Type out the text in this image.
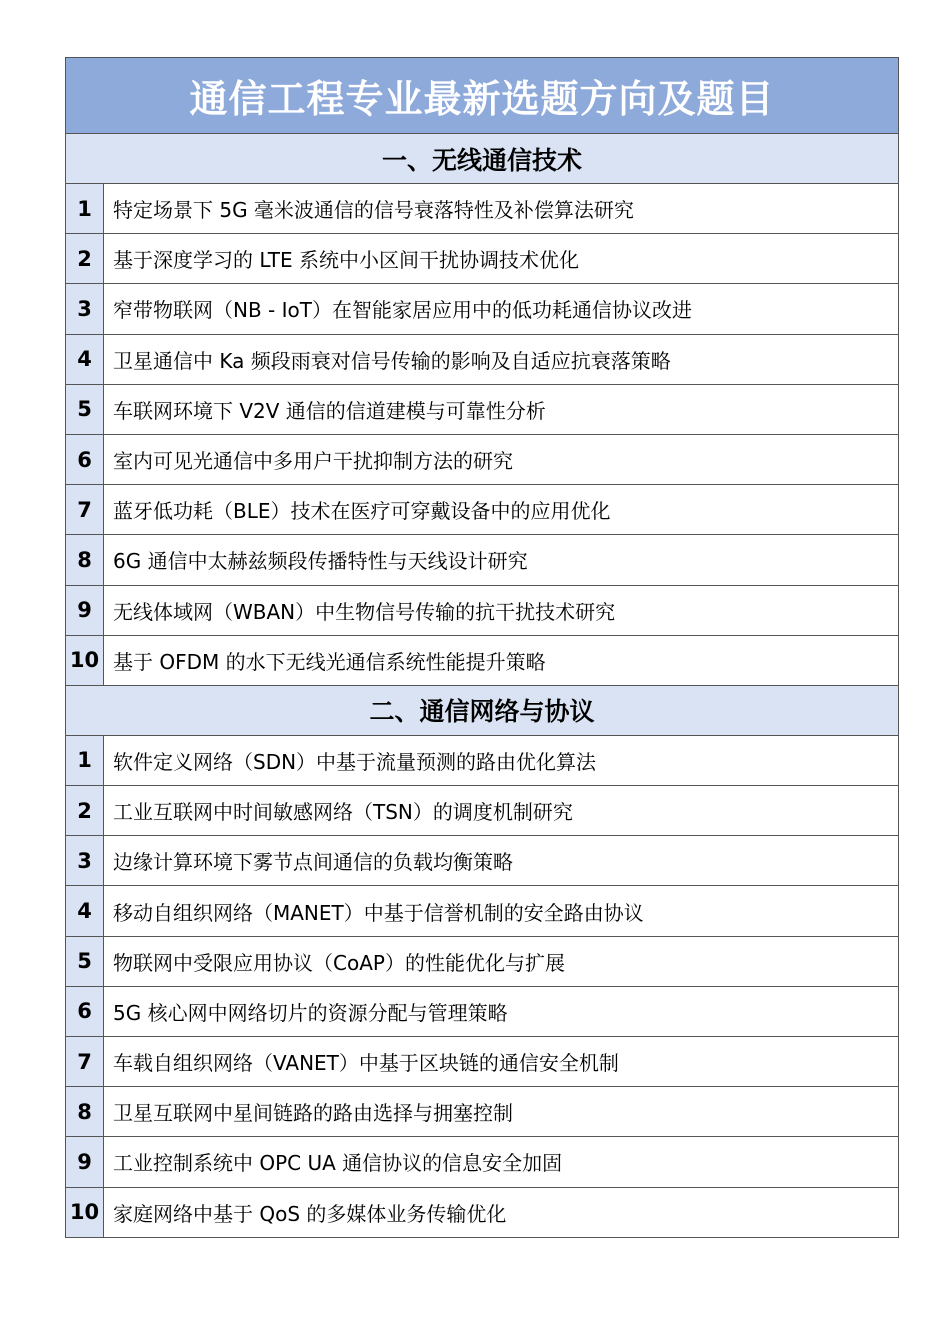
通信工程专业最新选题方向及题目	
一、无线通信技术	
1	特定场景下 5G 毫米波通信的信号衰落特性及补偿算法研究
2	基于深度学习的 LTE 系统中小区间干扰协调技术优化
3	窄带物联网（NB - IoT）在智能家居应用中的低功耗通信协议改进
4	卫星通信中 Ka 频段雨衰对信号传输的影响及自适应抗衰落策略
5	车联网环境下 V2V 通信的信道建模与可靠性分析
6	室内可见光通信中多用户干扰抑制方法的研究
7	蓝牙低功耗（BLE）技术在医疗可穿戴设备中的应用优化
8	6G 通信中太赫兹频段传播特性与天线设计研究
9	无线体域网（WBAN）中生物信号传输的抗干扰技术研究
10	基于 OFDM 的水下无线光通信系统性能提升策略
二、通信网络与协议	
1	软件定义网络（SDN）中基于流量预测的路由优化算法
2	工业互联网中时间敏感网络（TSN）的调度机制研究
3	边缘计算环境下雾节点间通信的负载均衡策略
4	移动自组织网络（MANET）中基于信誉机制的安全路由协议
5	物联网中受限应用协议（CoAP）的性能优化与扩展
6	5G 核心网中网络切片的资源分配与管理策略
7	车载自组织网络（VANET）中基于区块链的通信安全机制
8	卫星互联网中星间链路的路由选择与拥塞控制
9	工业控制系统中 OPC UA 通信协议的信息安全加固
10	家庭网络中基于 QoS 的多媒体业务传输优化
